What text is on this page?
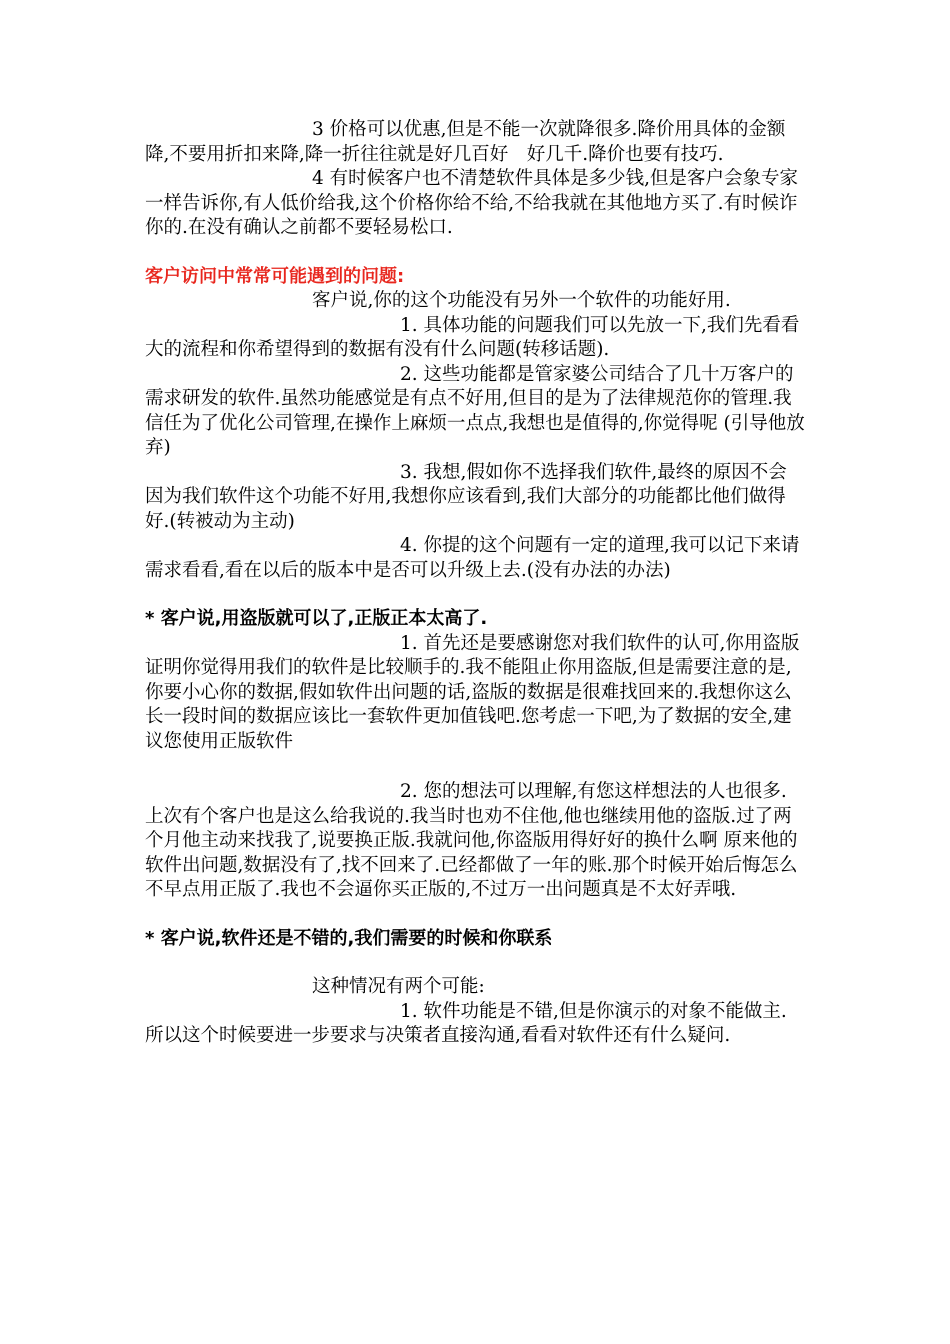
3 价格可以优惠,但是不能一次就降很多.降价用具体的金额降,不要用折扣来降,降一折往往就是好几百好　好几千.降价也要有技巧.

4 有时候客户也不清楚软件具体是多少钱,但是客户会象专家一样告诉你,有人低价给我,这个价格你给不给,不给我就在其他地方买了.有时候诈你的.在没有确认之前都不要轻易松口.

客户访问中常常可能遇到的问题:

客户说,你的这个功能没有另外一个软件的功能好用.

1. 具体功能的问题我们可以先放一下,我们先看看大的流程和你希望得到的数据有没有什么问题(转移话题).

2. 这些功能都是管家婆公司结合了几十万客户的需求研发的软件.虽然功能感觉是有点不好用,但目的是为了法律规范你的管理.我信任为了优化公司管理,在操作上麻烦一点点,我想也是值得的,你觉得呢 (引导他放弃)

3. 我想,假如你不选择我们软件,最终的原因不会因为我们软件这个功能不好用,我想你应该看到,我们大部分的功能都比他们做得好.(转被动为主动)

4. 你提的这个问题有一定的道理,我可以记下来请需求看看,看在以后的版本中是否可以升级上去.(没有办法的办法)

* 客户说,用盗版就可以了,正版正本太高了.

1. 首先还是要感谢您对我们软件的认可,你用盗版证明你觉得用我们的软件是比较顺手的.我不能阻止你用盗版,但是需要注意的是,你要小心你的数据,假如软件出问题的话,盗版的数据是很难找回来的.我想你这么长一段时间的数据应该比一套软件更加值钱吧.您考虑一下吧,为了数据的安全,建议您使用正版软件

2. 您的想法可以理解,有您这样想法的人也很多.上次有个客户也是这么给我说的.我当时也劝不住他,他也继续用他的盗版.过了两个月他主动来找我了,说要换正版.我就问他,你盗版用得好好的换什么啊 原来他的软件出问题,数据没有了,找不回来了.已经都做了一年的账.那个时候开始后悔怎么不早点用正版了.我也不会逼你买正版的,不过万一出问题真是不太好弄哦.

* 客户说,软件还是不错的,我们需要的时候和你联系

这种情况有两个可能:

1. 软件功能是不错,但是你演示的对象不能做主.所以这个时候要进一步要求与决策者直接沟通,看看对软件还有什么疑问.
